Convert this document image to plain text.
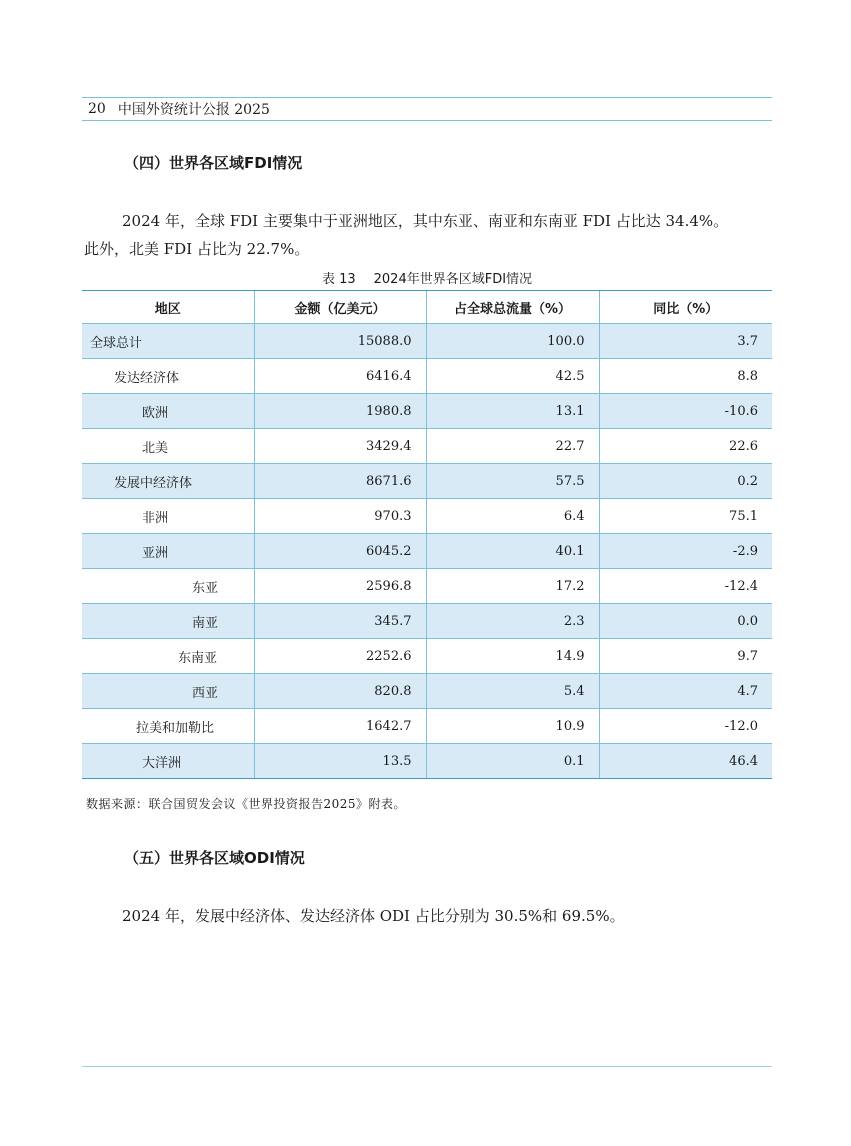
20 中国外资统计公报 2025
（四）世界各区域FDI情况
2024 年，全球 FDI 主要集中于亚洲地区，其中东亚、南亚和东南亚 FDI 占比达 34.4%。
此外，北美 FDI 占比为 22.7%。
表 13 2024年世界各区域FDI情况
地区	金额（亿美元）	占全球总流量（%）	同比（%）
全球总计	15088.0	100.0	3.7
发达经济体	6416.4	42.5	8.8
欧洲	1980.8	13.1	-10.6
北美	3429.4	22.7	22.6
发展中经济体	8671.6	57.5	0.2
非洲	970.3	6.4	75.1
亚洲	6045.2	40.1	-2.9
东亚	2596.8	17.2	-12.4
南亚	345.7	2.3	0.0
东南亚	2252.6	14.9	9.7
西亚	820.8	5.4	4.7
拉美和加勒比	1642.7	10.9	-12.0
大洋洲	13.5	0.1	46.4
数据来源：联合国贸发会议《世界投资报告2025》附表。
（五）世界各区域ODI情况
2024 年，发展中经济体、发达经济体 ODI 占比分别为 30.5%和 69.5%。
